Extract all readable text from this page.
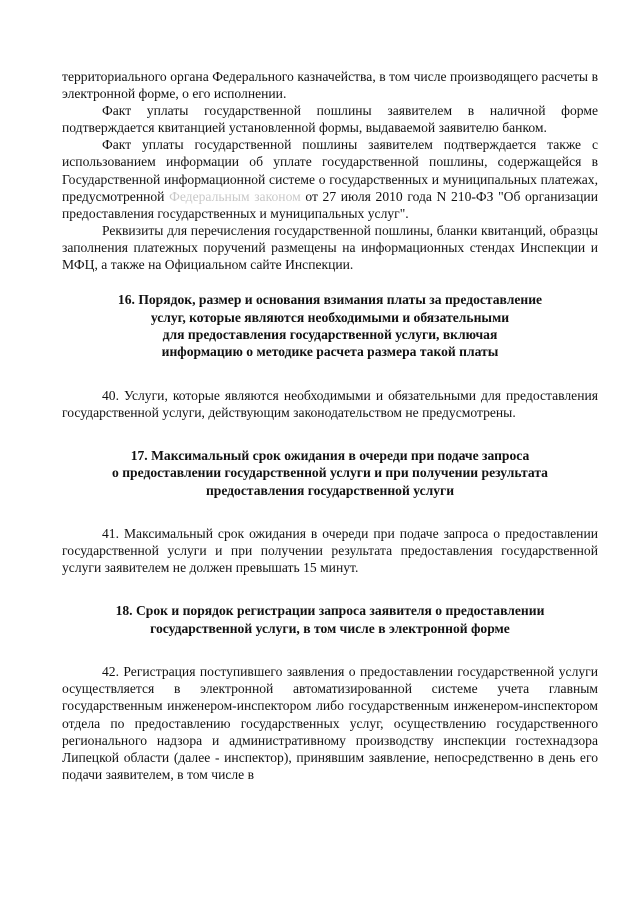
территориального органа Федерального казначейства, в том числе производящего расчеты в электронной форме, о его исполнении.

Факт уплаты государственной пошлины заявителем в наличной форме подтверждается квитанцией установленной формы, выдаваемой заявителю банком.

Факт уплаты государственной пошлины заявителем подтверждается также с использованием информации об уплате государственной пошлины, содержащейся в Государственной информационной системе о государственных и муниципальных платежах, предусмотренной Федеральным законом от 27 июля 2010 года N 210-ФЗ "Об организации предоставления государственных и муниципальных услуг".

Реквизиты для перечисления государственной пошлины, бланки квитанций, образцы заполнения платежных поручений размещены на информационных стендах Инспекции и МФЦ, а также на Официальном сайте Инспекции.

16. Порядок, размер и основания взимания платы за предоставление
услуг, которые являются необходимыми и обязательными
для предоставления государственной услуги, включая
информацию о методике расчета размера такой платы

40. Услуги, которые являются необходимыми и обязательными для предоставления государственной услуги, действующим законодательством не предусмотрены.

17. Максимальный срок ожидания в очереди при подаче запроса
о предоставлении государственной услуги и при получении результата
предоставления государственной услуги

41. Максимальный срок ожидания в очереди при подаче запроса о предоставлении государственной услуги и при получении результата предоставления государственной услуги заявителем не должен превышать 15 минут.

18. Срок и порядок регистрации запроса заявителя о предоставлении
государственной услуги, в том числе в электронной форме

42. Регистрация поступившего заявления о предоставлении государственной услуги осуществляется в электронной автоматизированной системе учета главным государственным инженером-инспектором либо государственным инженером-инспектором отдела по предоставлению государственных услуг, осуществлению государственного регионального надзора и административному производству инспекции гостехнадзора Липецкой области (далее - инспектор), принявшим заявление, непосредственно в день его подачи заявителем, в том числе в
